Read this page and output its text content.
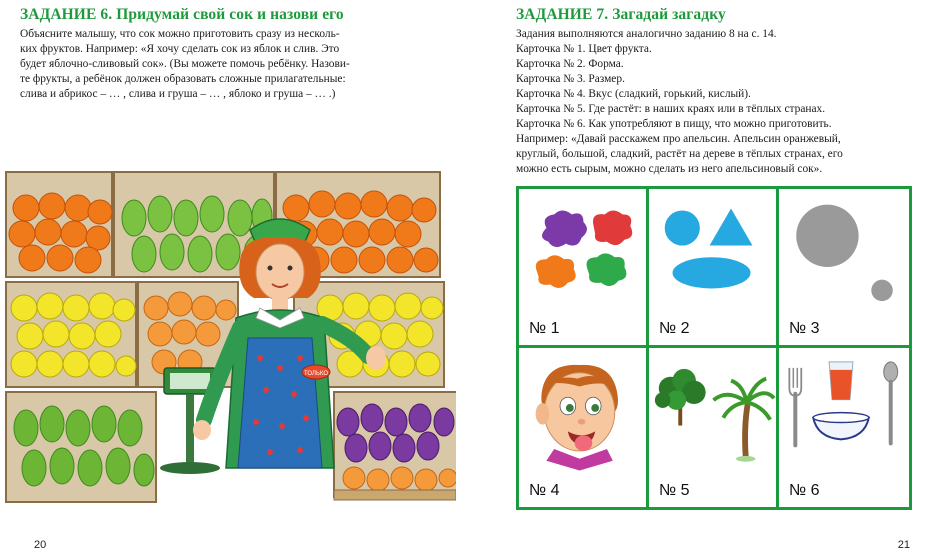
ЗАДАНИЕ 6. Придумай свой сок и назови его

Объясните малышу, что сок можно приготовить сразу из несколь-
ких фруктов. Например: «Я хочу сделать сок из яблок и слив. Это
будет яблочно-сливовый сок». (Вы можете помочь ребёнку. Назови-
те фрукты, а ребёнок должен образовать сложные прилагательные:
слива и абрикос – … , слива и груша – … , яблоко и груша – … .)

ТОЛЬКО
20
ЗАДАНИЕ 7. Загадай загадку

Задания выполняются аналогично заданию 8 на с. 14.
Карточка № 1. Цвет фрукта.
Карточка № 2. Форма.
Карточка № 3. Размер.
Карточка № 4. Вкус (сладкий, горький, кислый).
Карточка № 5. Где растёт: в наших краях или в тёплых странах.
Карточка № 6. Как употребляют в пищу, что можно приготовить.
Например: «Давай расскажем про апельсин. Апельсин оранжевый,
круглый, большой, сладкий, растёт на дереве в тёплых странах, его
можно есть сырым, можно сделать из него апельсиновый сок».

№ 1	№ 2	№ 3
№ 4	№ 5	№ 6
21
